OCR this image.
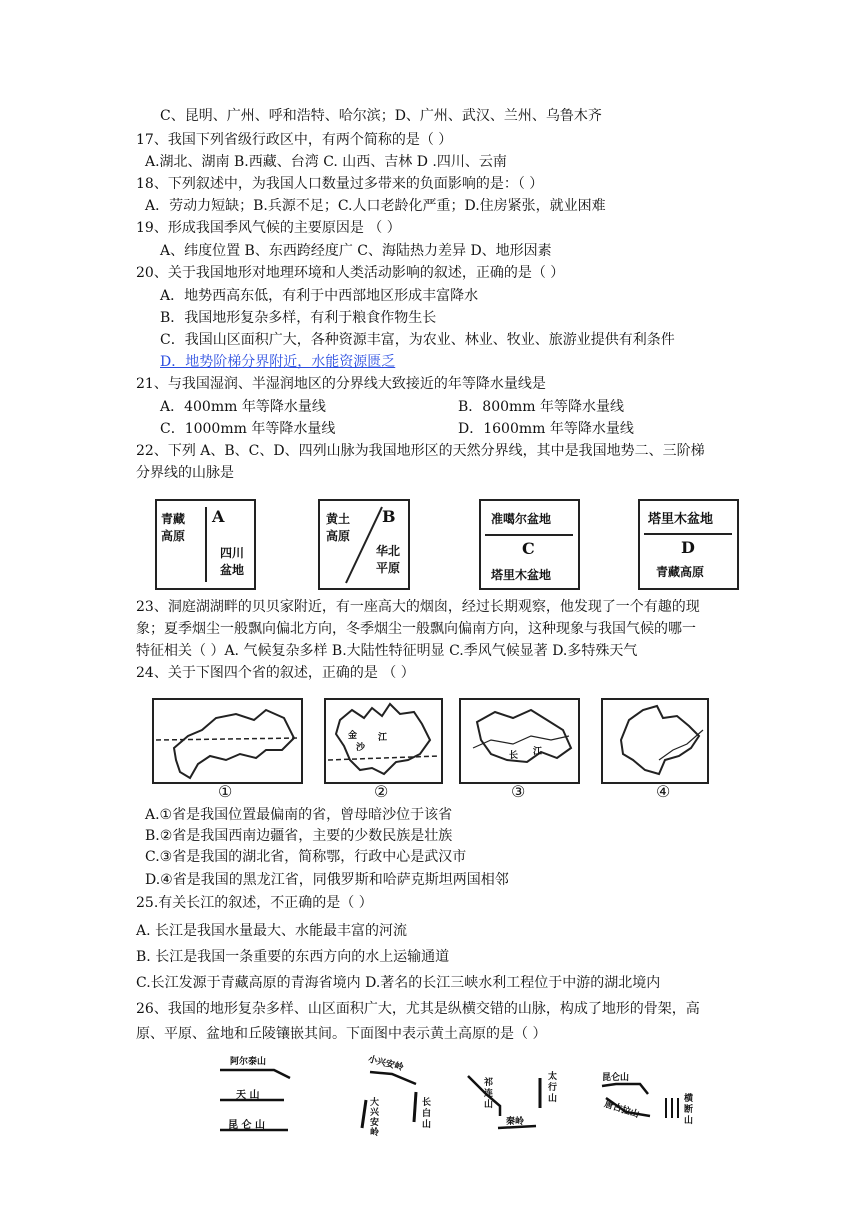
C、昆明、广州、呼和浩特、哈尔滨；D、广州、武汉、兰州、乌鲁木齐
17、我国下列省级行政区中，有两个简称的是（ ）
A.湖北、湖南 B.西藏、台湾 C. 山西、吉林 D .四川、云南
18、下列叙述中，为我国人口数量过多带来的负面影响的是：（ ）
A．劳动力短缺；B.兵源不足；C.人口老龄化严重；D.住房紧张，就业困难
19、形成我国季风气候的主要原因是 （ ）
A、纬度位置 B、东西跨经度广 C、海陆热力差异 D、地形因素
20、关于我国地形对地理环境和人类活动影响的叙述，正确的是（ ）
A．地势西高东低，有利于中西部地区形成丰富降水
B．我国地形复杂多样，有利于粮食作物生长
C．我国山区面积广大，各种资源丰富，为农业、林业、牧业、旅游业提供有利条件
D．地势阶梯分界附近，水能资源匮乏
21、与我国湿润、半湿润地区的分界线大致接近的年等降水量线是
A．400mm 年等降水量线	B．800mm 年等降水量线
C．1000mm 年等降水量线	D．1600mm 年等降水量线
22、下列 A、B、C、D、四列山脉为我国地形区的天然分界线，其中是我国地势二、三阶梯
分界线的山脉是
青藏
高原
A
四川
盆地
黄土
高原
B
华北
平原
准噶尔盆地
C
塔里木盆地
塔里木盆地
D
青藏高原
23、洞庭湖湖畔的贝贝家附近，有一座高大的烟囱，经过长期观察，他发现了一个有趣的现
象；夏季烟尘一般飘向偏北方向，冬季烟尘一般飘向偏南方向，这种现象与我国气候的哪一
特征相关（ ）A. 气候复杂多样 B.大陆性特征明显 C.季风气候显著 D.多特殊天气
24、关于下图四个省的叙述，正确的是 （ ）
金
沙
江
长 江
①	②	③	④
A.①省是我国位置最偏南的省，曾母暗沙位于该省
B.②省是我国西南边疆省，主要的少数民族是壮族
C.③省是我国的湖北省，简称鄂，行政中心是武汉市
D.④省是我国的黑龙江省，同俄罗斯和哈萨克斯坦两国相邻
25.有关长江的叙述，不正确的是（ ）
A. 长江是我国水量最大、水能最丰富的河流
B. 长江是我国一条重要的东西方向的水上运输通道
C.长江发源于青藏高原的青海省境内 D.著名的长江三峡水利工程位于中游的湖北境内
26、我国的地形复杂多样、山区面积广大，尤其是纵横交错的山脉，构成了地形的骨架，高
原、平原、盆地和丘陵镶嵌其间。下面图中表示黄土高原的是（ ）
阿尔泰山
天 山
昆 仑 山
小兴安岭
大兴安岭
长白山
祁连山
太行山
秦岭
昆仑山
唐古拉山
横断山
